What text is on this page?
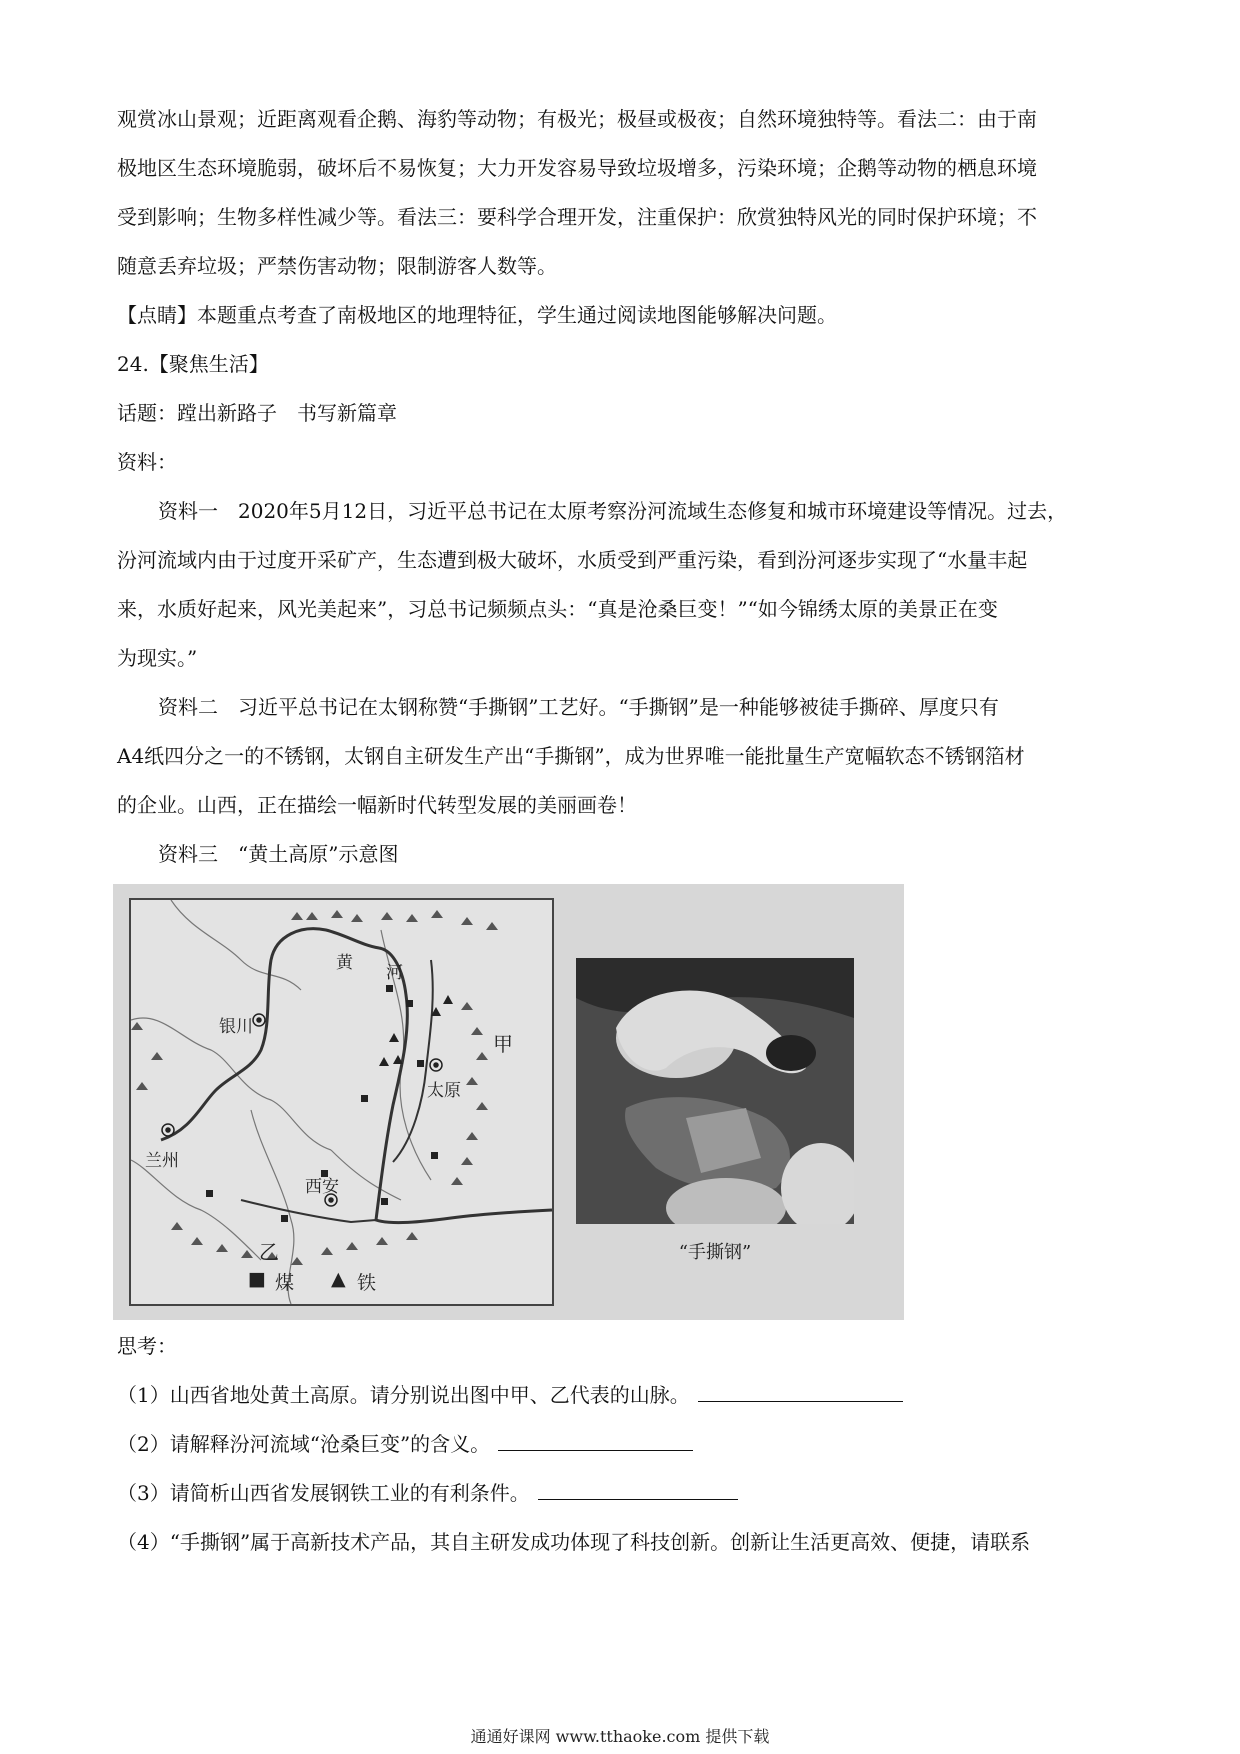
观赏冰山景观；近距离观看企鹅、海豹等动物；有极光；极昼或极夜；自然环境独特等。看法二：由于南
极地区生态环境脆弱，破坏后不易恢复；大力开发容易导致垃圾增多，污染环境；企鹅等动物的栖息环境
受到影响；生物多样性减少等。看法三：要科学合理开发，注重保护：欣赏独特风光的同时保护环境；不
随意丢弃垃圾；严禁伤害动物；限制游客人数等。
【点睛】本题重点考查了南极地区的地理特征，学生通过阅读地图能够解决问题。
24.【聚焦生活】
话题：蹚出新路子　书写新篇章
资料：
资料一　2020年5月12日，习近平总书记在太原考察汾河流域生态修复和城市环境建设等情况。过去，
汾河流域内由于过度开采矿产，生态遭到极大破坏，水质受到严重污染，看到汾河逐步实现了“水量丰起
来，水质好起来，风光美起来”，习总书记频频点头：“真是沧桑巨变！”“如今锦绣太原的美景正在变
为现实。”
资料二　习近平总书记在太钢称赞“手撕钢”工艺好。“手撕钢”是一种能够被徒手撕碎、厚度只有
A4纸四分之一的不锈钢，太钢自主研发生产出“手撕钢”，成为世界唯一能批量生产宽幅软态不锈钢箔材
的企业。山西，正在描绘一幅新时代转型发展的美丽画卷！
资料三　“黄土高原”示意图
黄 河
银川
太原
兰州
西安
甲
乙
■ 煤 ▲ 铁
“手撕钢”
思考：
（1）山西省地处黄土高原。请分别说出图中甲、乙代表的山脉。
（2）请解释汾河流域“沧桑巨变”的含义。
（3）请简析山西省发展钢铁工业的有利条件。
（4）“手撕钢”属于高新技术产品，其自主研发成功体现了科技创新。创新让生活更高效、便捷，请联系
通通好课网 www.tthaoke.com 提供下载
